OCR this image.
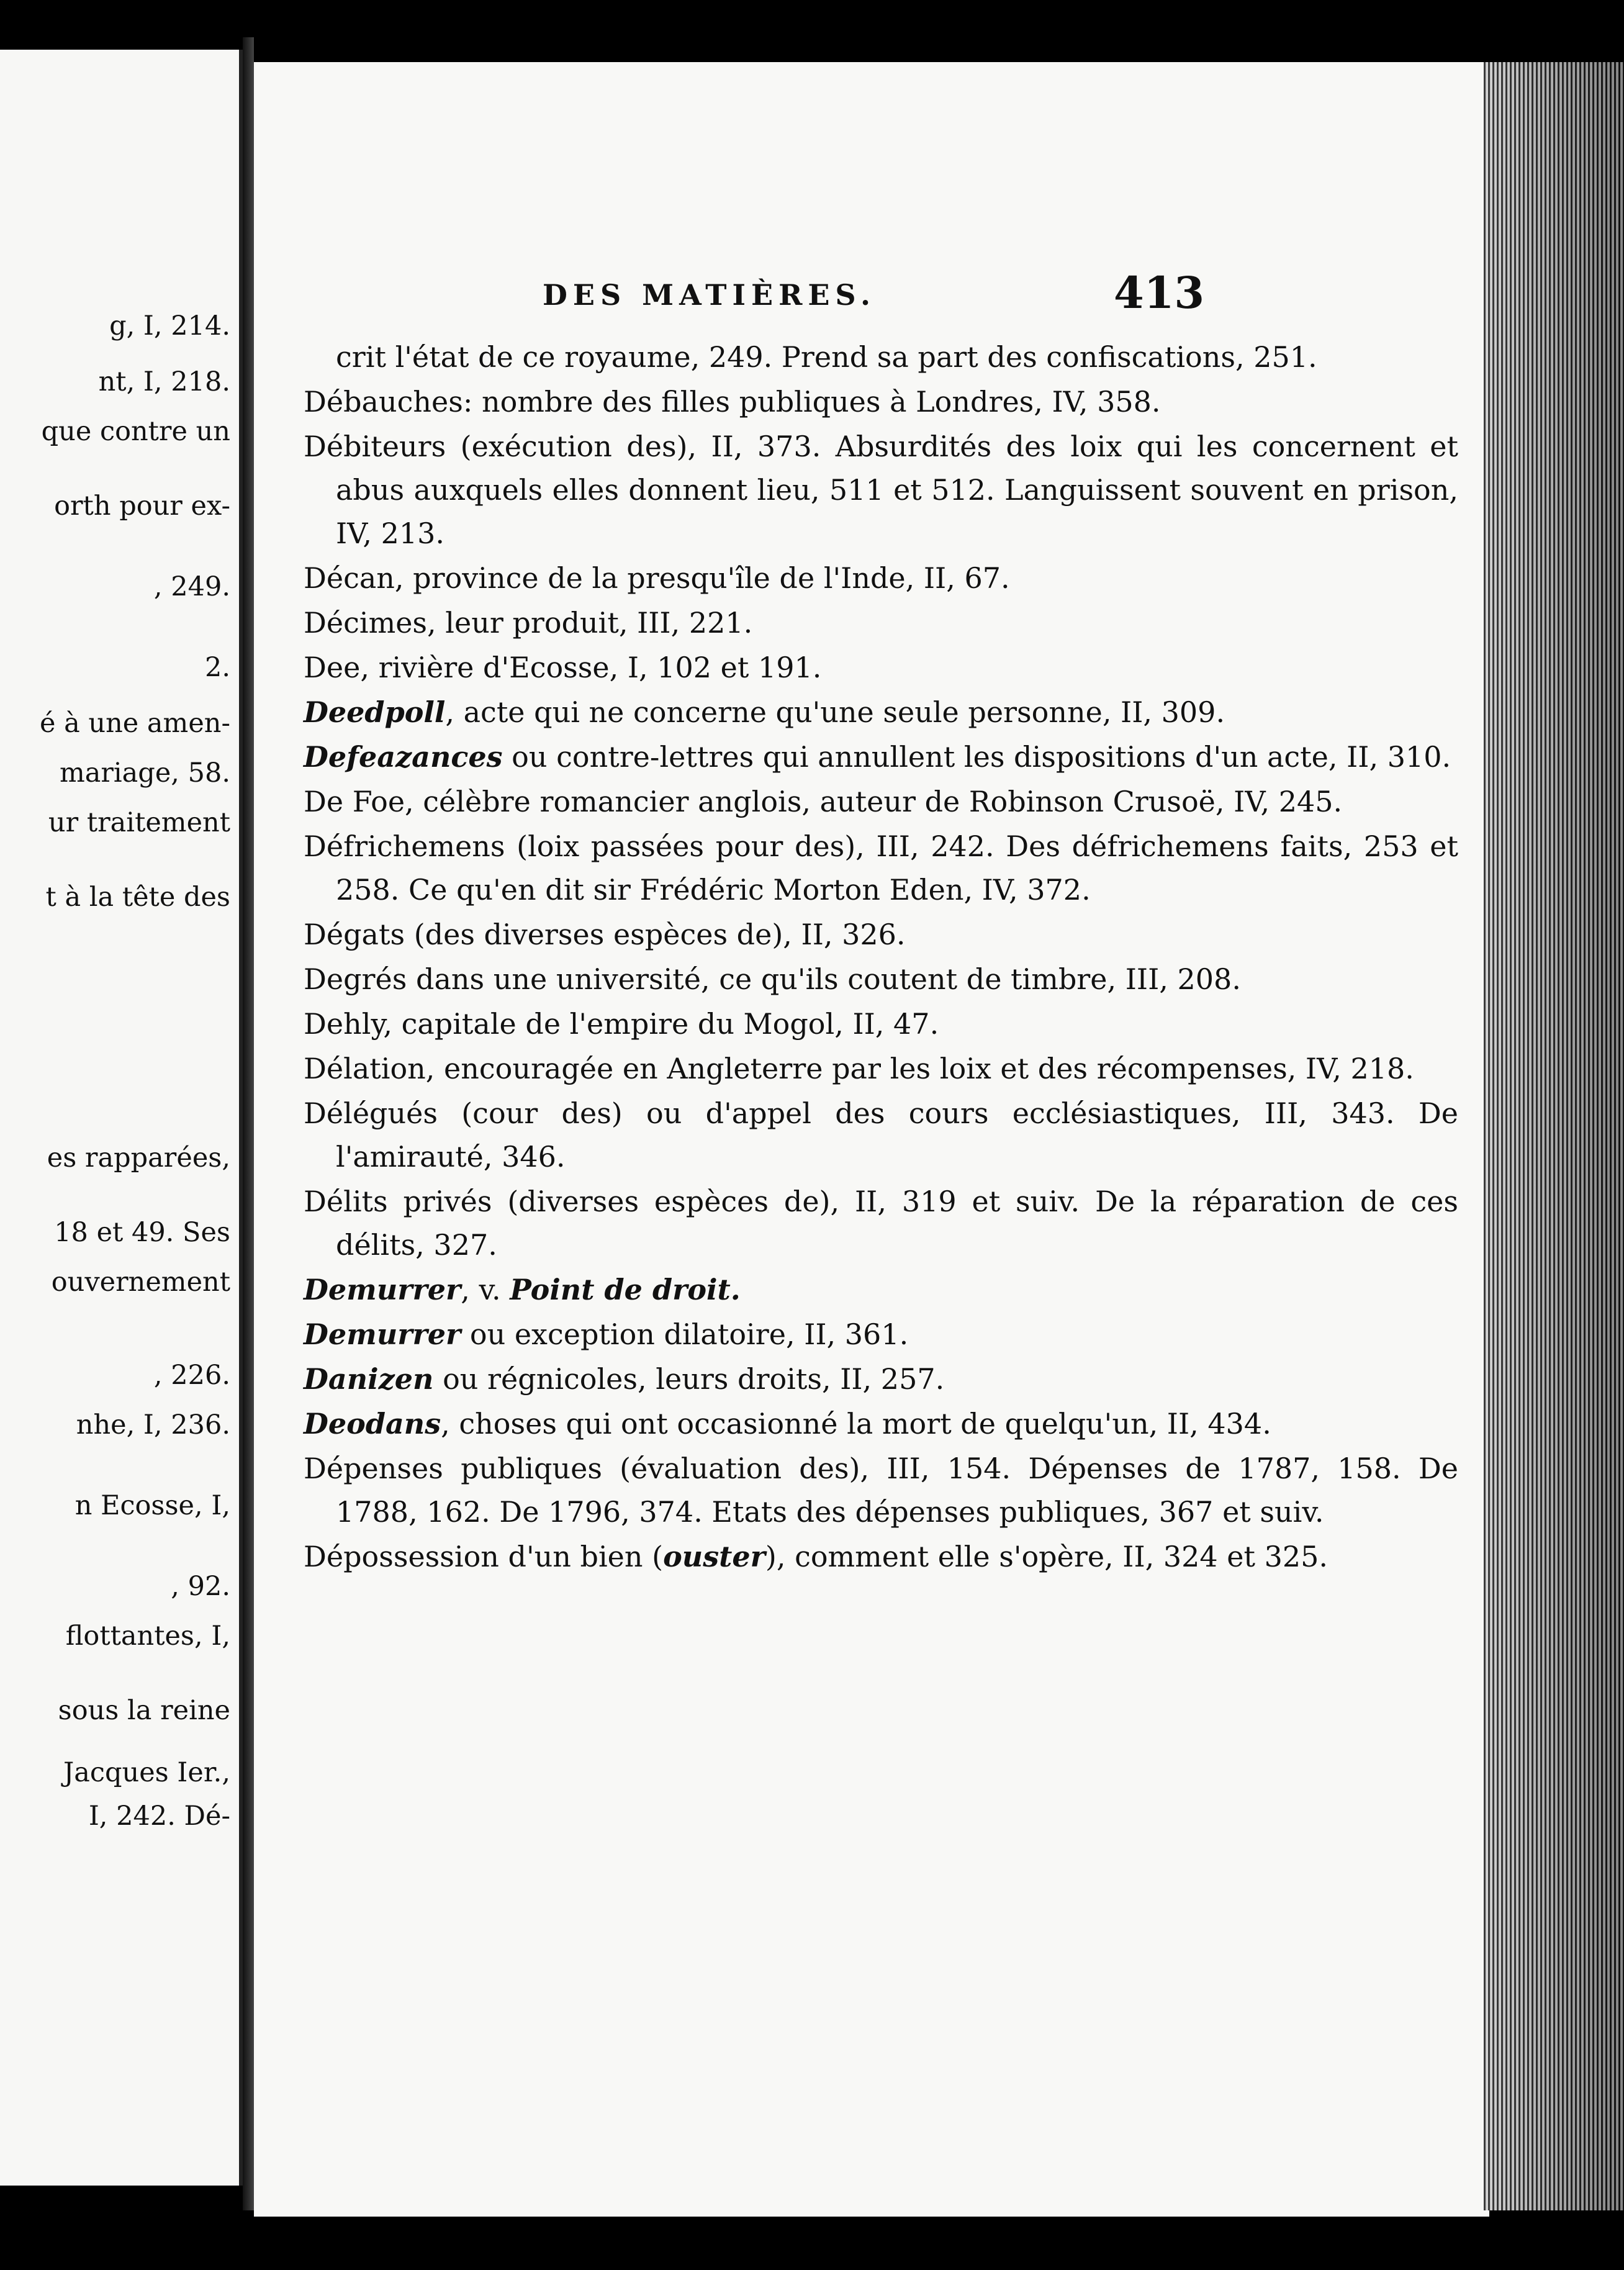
g, I, 214.
nt, I, 218.
que contre un
orth pour ex-
, 249.
2.
é à une amen-
mariage, 58.
ur traitement
t à la tête des
es rapparées,
18 et 49. Ses
ouvernement
, 226.
nhe, I, 236.
n Ecosse, I,
, 92.
flottantes, I,
sous la reine
Jacques Ier.,
I, 242. Dé-
DES MATIÈRES.	413
crit l'état de ce royaume, 249. Prend sa part des confiscations, 251.
Débauches: nombre des filles publiques à Londres, IV, 358.
Débiteurs (exécution des), II, 373. Absurdités des loix qui les concernent et abus auxquels elles donnent lieu, 511 et 512. Languissent souvent en prison, IV, 213.
Décan, province de la presqu'île de l'Inde, II, 67.
Décimes, leur produit, III, 221.
Dee, rivière d'Ecosse, I, 102 et 191.
Deedpoll, acte qui ne concerne qu'une seule personne, II, 309.
Defeazances ou contre-lettres qui annullent les dispositions d'un acte, II, 310.
De Foe, célèbre romancier anglois, auteur de Robinson Crusoë, IV, 245.
Défrichemens (loix passées pour des), III, 242. Des défrichemens faits, 253 et 258. Ce qu'en dit sir Frédéric Morton Eden, IV, 372.
Dégats (des diverses espèces de), II, 326.
Degrés dans une université, ce qu'ils coutent de timbre, III, 208.
Dehly, capitale de l'empire du Mogol, II, 47.
Délation, encouragée en Angleterre par les loix et des récompenses, IV, 218.
Délégués (cour des) ou d'appel des cours ecclésiastiques, III, 343. De l'amirauté, 346.
Délits privés (diverses espèces de), II, 319 et suiv. De la réparation de ces délits, 327.
Demurrer, v. Point de droit.
Demurrer ou exception dilatoire, II, 361.
Danizen ou régnicoles, leurs droits, II, 257.
Deodans, choses qui ont occasionné la mort de quelqu'un, II, 434.
Dépenses publiques (évaluation des), III, 154. Dépenses de 1787, 158. De 1788, 162. De 1796, 374. Etats des dépenses publiques, 367 et suiv.
Dépossession d'un bien (ouster), comment elle s'opère, II, 324 et 325.
